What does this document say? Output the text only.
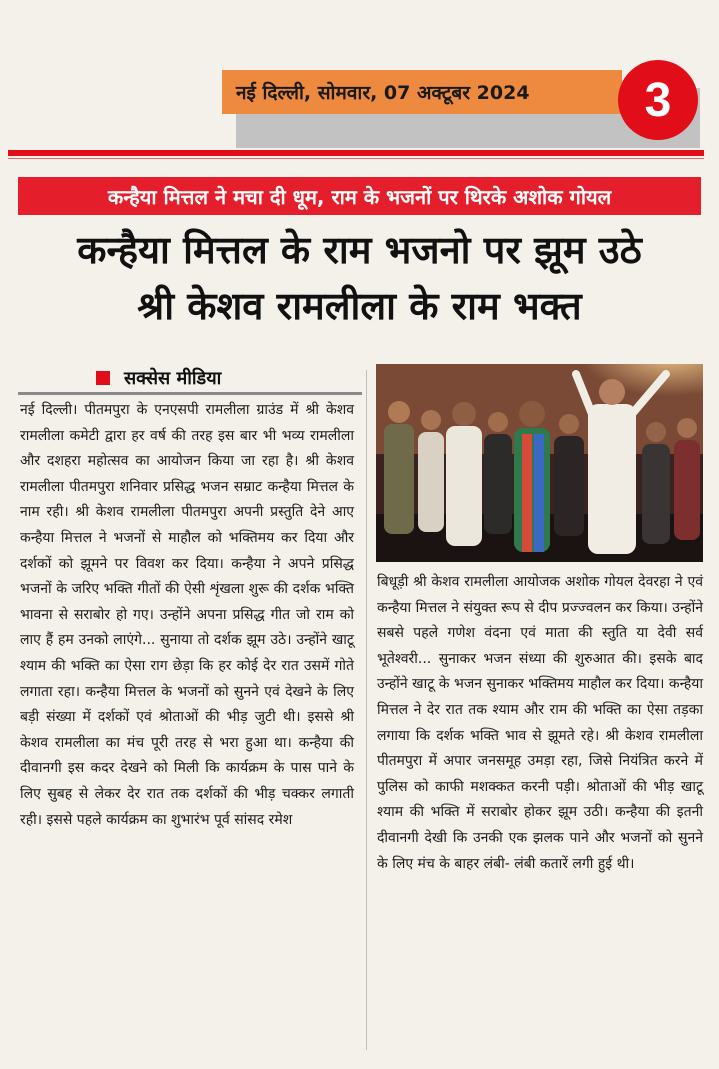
नई दिल्ली, सोमवार, 07 अक्टूबर 2024	3
कन्हैया मित्तल ने मचा दी धूम, राम के भजनों पर थिरके अशोक गोयल
कन्हैया मित्तल के राम भजनो पर झूम उठे
श्री केशव रामलीला के राम भक्त
सक्सेस मीडिया
नई दिल्ली। पीतमपुरा के एनएसपी रामलीला ग्राउंड में श्री केशव रामलीला कमेटी द्वारा हर वर्ष की तरह इस बार भी भव्य रामलीला और दशहरा महोत्सव का आयोजन किया जा रहा है। श्री केशव रामलीला पीतमपुरा शनिवार प्रसिद्ध भजन सम्राट कन्हैया मित्तल के नाम रही। श्री केशव रामलीला पीतमपुरा अपनी प्रस्तुति देने आए कन्हैया मित्तल ने भजनों से माहौल को भक्तिमय कर दिया और दर्शकों को झूमने पर विवश कर दिया। कन्हैया ने अपने प्रसिद्ध भजनों के जरिए भक्ति गीतों की ऐसी शृंखला शुरू की दर्शक भक्ति भावना से सराबोर हो गए। उन्होंने अपना प्रसिद्ध गीत जो राम को लाए हैं हम उनको लाएंगे... सुनाया तो दर्शक झूम उठे। उन्होंने खाटू श्याम की भक्ति का ऐसा राग छेड़ा कि हर कोई देर रात उसमें गोते लगाता रहा। कन्हैया मित्तल के भजनों को सुनने एवं देखने के लिए बड़ी संख्या में दर्शकों एवं श्रोताओं की भीड़ जुटी थी। इससे श्री केशव रामलीला का मंच पूरी तरह से भरा हुआ था। कन्हैया की दीवानगी इस कदर देखने को मिली कि कार्यक्रम के पास पाने के लिए सुबह से लेकर देर रात तक दर्शकों की भीड़ चक्कर लगाती रही। इससे पहले कार्यक्रम का शुभारंभ पूर्व सांसद रमेश
बिधूड़ी श्री केशव रामलीला आयोजक अशोक गोयल देवरहा ने एवं कन्हैया मित्तल ने संयुक्त रूप से दीप प्रज्ज्वलन कर किया। उन्होंने सबसे पहले गणेश वंदना एवं माता की स्तुति या देवी सर्व भूतेश्वरी... सुनाकर भजन संध्या की शुरुआत की। इसके बाद उन्होंने खाटू के भजन सुनाकर भक्तिमय माहौल कर दिया। कन्हैया मित्तल ने देर रात तक श्याम और राम की भक्ति का ऐसा तड़का लगाया कि दर्शक भक्ति भाव से झूमते रहे। श्री केशव रामलीला पीतमपुरा में अपार जनसमूह उमड़ा रहा, जिसे नियंत्रित करने में पुलिस को काफी मशक्कत करनी पड़ी। श्रोताओं की भीड़ खाटू श्याम की भक्ति में सराबोर होकर झूम उठी। कन्हैया की इतनी दीवानगी देखी कि उनकी एक झलक पाने और भजनों को सुनने के लिए मंच के बाहर लंबी- लंबी कतारें लगी हुई थी।
